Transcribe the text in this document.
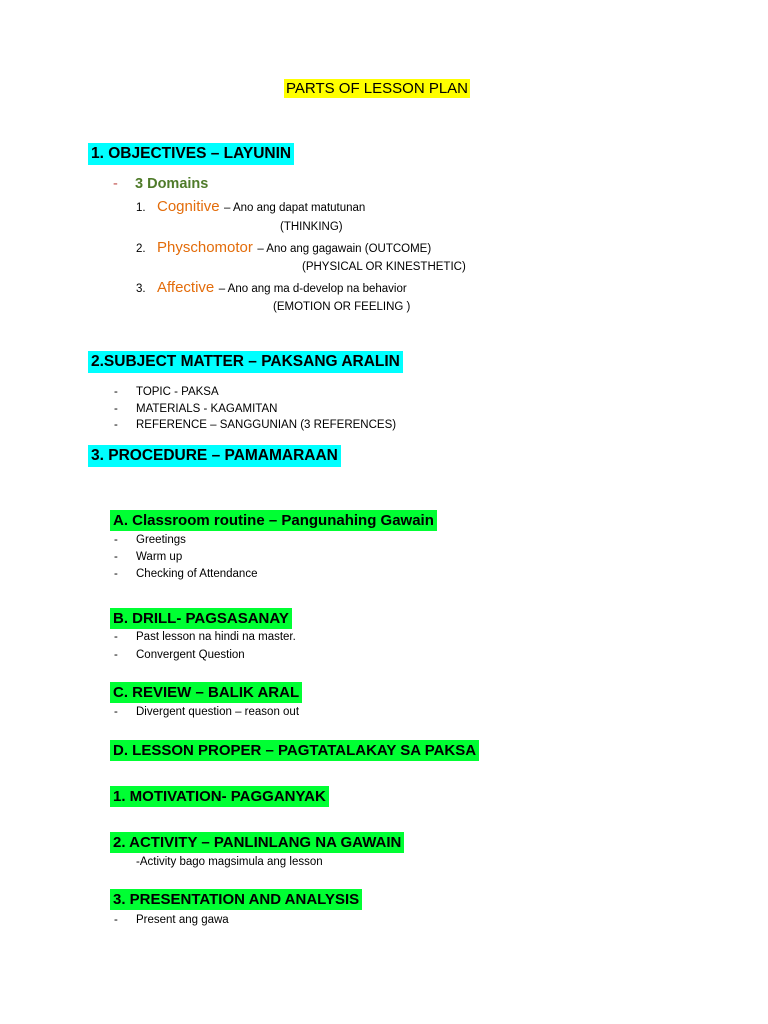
PARTS OF LESSON PLAN
1. OBJECTIVES – LAYUNIN
- 3 Domains
1. Cognitive – Ano ang dapat matutunan
(THINKING)
2. Physchomotor – Ano ang gagawain (OUTCOME)
(PHYSICAL OR KINESTHETIC)
3. Affective – Ano ang ma d-develop na behavior
(EMOTION OR FEELING )
2.SUBJECT MATTER – PAKSANG ARALIN
- TOPIC - PAKSA
- MATERIALS - KAGAMITAN
- REFERENCE – SANGGUNIAN (3 REFERENCES)
3. PROCEDURE – PAMAMARAAN
A. Classroom routine – Pangunahing Gawain
- Greetings
- Warm up
- Checking of Attendance
B. DRILL- PAGSASANAY
- Past lesson na hindi na master.
- Convergent Question
C. REVIEW – BALIK ARAL
- Divergent question – reason out
D. LESSON PROPER – PAGTATALAKAY SA PAKSA
1. MOTIVATION- PAGGANYAK
2. ACTIVITY – PANLINLANG NA GAWAIN
-Activity bago magsimula ang lesson
3. PRESENTATION AND ANALYSIS
- Present ang gawa
